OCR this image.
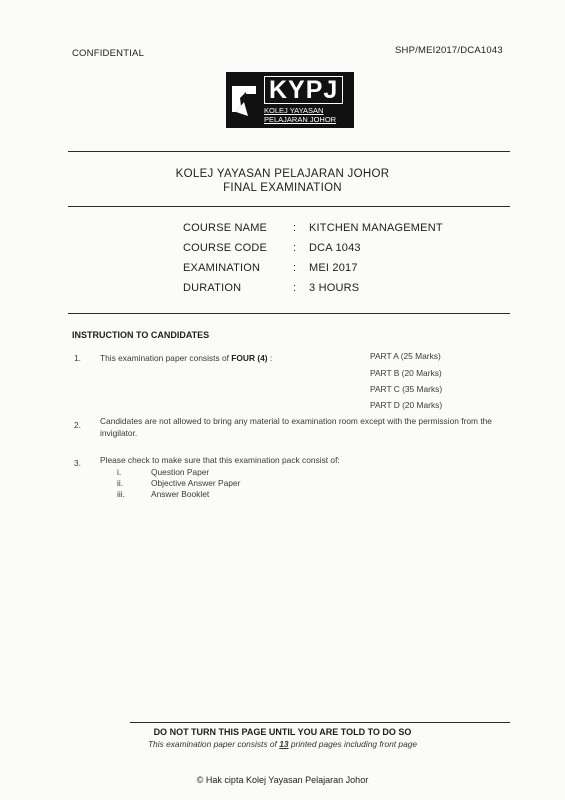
CONFIDENTIAL	SHP/MEI2017/DCA1043
KYPJ
KOLEJ YAYASAN
PELAJARAN JOHOR
KOLEJ YAYASAN PELAJARAN JOHOR
FINAL EXAMINATION
COURSE NAME : KITCHEN MANAGEMENT
COURSE CODE : DCA 1043
EXAMINATION	: MEI 2017
DURATION	: 3 HOURS
INSTRUCTION TO CANDIDATES
1. This examination paper consists of FOUR (4) :	PART A (25 Marks)
PART B (20 Marks)
PART C (35 Marks)
PART D (20 Marks)
2. Candidates are not allowed to bring any material to examination room except with the permission from the
invigilator.
3. Please check to make sure that this examination pack consist of:
i.	Question Paper
ii.	Objective Answer Paper
iii.	Answer Booklet
DO NOT TURN THIS PAGE UNTIL YOU ARE TOLD TO DO SO
This examination paper consists of 13 printed pages including front page
© Hak cipta Kolej Yayasan Pelajaran Johor
